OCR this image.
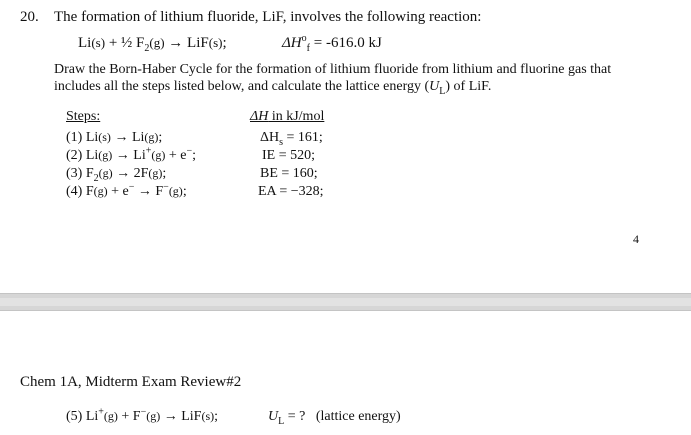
20. The formation of lithium fluoride, LiF, involves the following reaction:
Li(s) + ½ $F_2(g) \to LiF(s)$;	$\Delta H^o_f = -616.0$ kJ
Draw the Born-Haber Cycle for the formation of lithium fluoride from lithium and fluorine gas that
includes all the steps listed below, and calculate the lattice energy $(U_L)$ of LiF.
Steps:	ΔH in kJ/mol
(1) Li(s) → Li(g);	$\Delta H_s = 161$;
(2) Li(g) → Li+(g) + e−;	IE = 520;
(3) $F_2(g) \to 2F(g)$;	BE = 160;
(4) F(g) + e− → F−(g);	EA = −328;
4
Chem 1A, Midterm Exam Review#2
(5) Li+(g) + F−(g) → LiF(s);	$U_L$ = ?   (lattice energy)
